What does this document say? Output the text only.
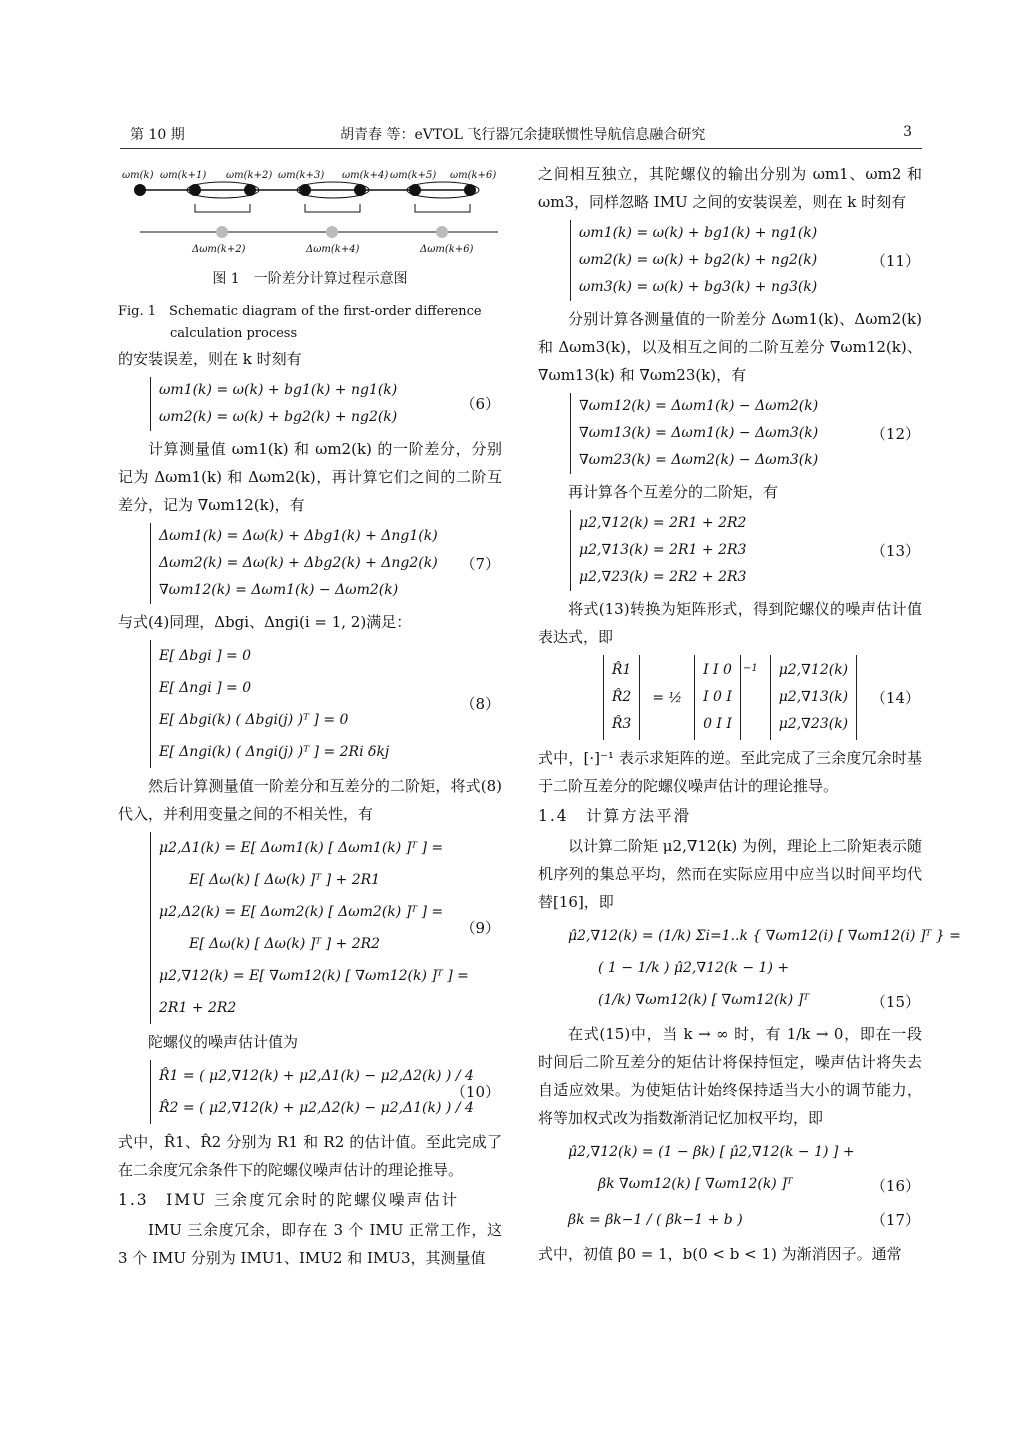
第 10 期	胡青春 等：eVTOL 飞行器冗余捷联惯性导航信息融合研究	3
ωm(k) ωm(k+1) ωm(k+2) ωm(k+3) ωm(k+4) ωm(k+5) ωm(k+6)
Δωm(k+2)	Δωm(k+4)	Δωm(k+6)
图 1　一阶差分计算过程示意图
Fig. 1　Schematic diagram of the first-order difference calculation process

的安装误差，则在 k 时刻有

ωm1(k) = ω(k) + bg1(k) + ng1(k)
ωm2(k) = ω(k) + bg2(k) + ng2(k)
（6）

计算测量值 ωm1(k) 和 ωm2(k) 的一阶差分，分别记为 Δωm1(k) 和 Δωm2(k)，再计算它们之间的二阶互差分，记为 ∇ωm12(k)，有

Δωm1(k) = Δω(k) + Δbg1(k) + Δng1(k)
Δωm2(k) = Δω(k) + Δbg2(k) + Δng2(k)
∇ωm12(k) = Δωm1(k) − Δωm2(k)
（7）

与式(4)同理，Δbgi、Δngi(i = 1, 2)满足：

E[ Δbgi ] = 0
E[ Δngi ] = 0
E[ Δbgi(k) ( Δbgi(j) )ᵀ ] = 0
E[ Δngi(k) ( Δngi(j) )ᵀ ] = 2Ri δkj
（8）

然后计算测量值一阶差分和互差分的二阶矩，将式(8)代入，并利用变量之间的不相关性，有

μ2,Δ1(k) = E[ Δωm1(k) [ Δωm1(k) ]ᵀ ] =
E[ Δω(k) [ Δω(k) ]ᵀ ] + 2R1
μ2,Δ2(k) = E[ Δωm2(k) [ Δωm2(k) ]ᵀ ] =
E[ Δω(k) [ Δω(k) ]ᵀ ] + 2R2
μ2,∇12(k) = E[ ∇ωm12(k) [ ∇ωm12(k) ]ᵀ ] =
2R1 + 2R2
（9）

陀螺仪的噪声估计值为

R̂1 = ( μ2,∇12(k) + μ2,Δ1(k) − μ2,Δ2(k) ) / 4
R̂2 = ( μ2,∇12(k) + μ2,Δ2(k) − μ2,Δ1(k) ) / 4
（10）

式中，R̂1、R̂2 分别为 R1 和 R2 的估计值。至此完成了在二余度冗余条件下的陀螺仪噪声估计的理论推导。

1.3　IMU 三余度冗余时的陀螺仪噪声估计

IMU 三余度冗余，即存在 3 个 IMU 正常工作，这 3 个 IMU 分别为 IMU1、IMU2 和 IMU3，其测量值

之间相互独立，其陀螺仪的输出分别为 ωm1、ωm2 和 ωm3，同样忽略 IMU 之间的安装误差，则在 k 时刻有

ωm1(k) = ω(k) + bg1(k) + ng1(k)
ωm2(k) = ω(k) + bg2(k) + ng2(k)
ωm3(k) = ω(k) + bg3(k) + ng3(k)
（11）

分别计算各测量值的一阶差分 Δωm1(k)、Δωm2(k) 和 Δωm3(k)，以及相互之间的二阶互差分 ∇ωm12(k)、∇ωm13(k) 和 ∇ωm23(k)，有

∇ωm12(k) = Δωm1(k) − Δωm2(k)
∇ωm13(k) = Δωm1(k) − Δωm3(k)
∇ωm23(k) = Δωm2(k) − Δωm3(k)
（12）

再计算各个互差分的二阶矩，有

μ2,∇12(k) = 2R1 + 2R2
μ2,∇13(k) = 2R1 + 2R3
μ2,∇23(k) = 2R2 + 2R3
（13）

将式(13)转换为矩阵形式，得到陀螺仪的噪声估计值表达式，即

R̂1
R̂2
R̂3
= ½
I I 0
I 0 I
0 I I
$^{-1}$ μ2,∇12(k)
μ2,∇13(k)
μ2,∇23(k)
（14）

式中，[·]⁻¹ 表示求矩阵的逆。至此完成了三余度冗余时基于二阶互差分的陀螺仪噪声估计的理论推导。

1.4　计算方法平滑

以计算二阶矩 μ2,∇12(k) 为例，理论上二阶矩表示随机序列的集总平均，然而在实际应用中应当以时间平均代替[16]，即

μ̂2,∇12(k) = (1/k) Σi=1..k { ∇ωm12(i) [ ∇ωm12(i) ]ᵀ } =
( 1 − 1/k ) μ̂2,∇12(k − 1) +
(1/k) ∇ωm12(k) [ ∇ωm12(k) ]ᵀ	（15）

在式(15)中，当 k → ∞ 时，有 1/k → 0，即在一段时间后二阶互差分的矩估计将保持恒定，噪声估计将失去自适应效果。为使矩估计始终保持适当大小的调节能力，将等加权式改为指数渐消记忆加权平均，即

μ̂2,∇12(k) = (1 − βk) [ μ̂2,∇12(k − 1) ] +
βk ∇ωm12(k) [ ∇ωm12(k) ]ᵀ	（16）
βk = βk−1 / ( βk−1 + b )	（17）

式中，初值 β0 = 1，b(0 < b < 1) 为渐消因子。通常
